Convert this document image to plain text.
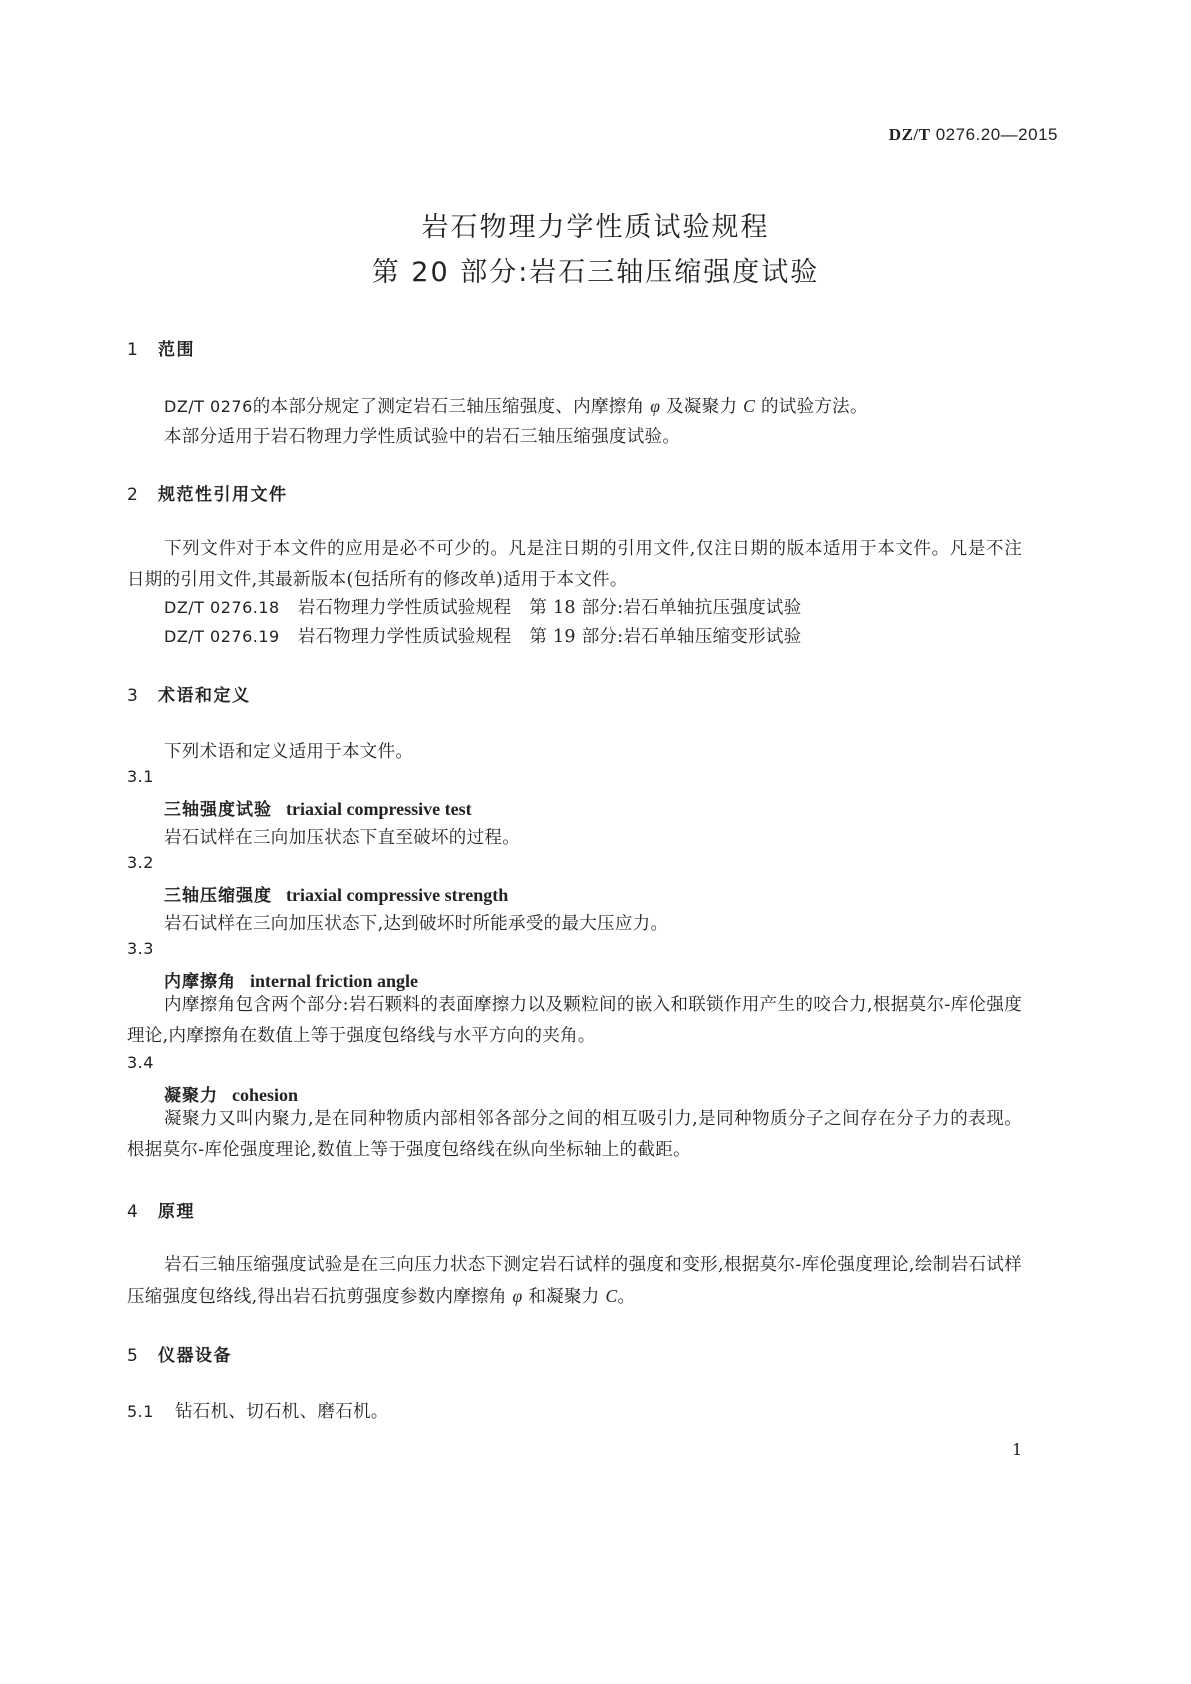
DZ/T 0276.20—2015
岩石物理力学性质试验规程
第 20 部分:岩石三轴压缩强度试验
1 范围
DZ/T 0276的本部分规定了测定岩石三轴压缩强度、内摩擦角 φ 及凝聚力 C 的试验方法。
本部分适用于岩石物理力学性质试验中的岩石三轴压缩强度试验。
2 规范性引用文件
下列文件对于本文件的应用是必不可少的。凡是注日期的引用文件,仅注日期的版本适用于本文件。凡是不注日期的引用文件,其最新版本(包括所有的修改单)适用于本文件。
DZ/T 0276.18 岩石物理力学性质试验规程 第 18 部分:岩石单轴抗压强度试验
DZ/T 0276.19 岩石物理力学性质试验规程 第 19 部分:岩石单轴压缩变形试验
3 术语和定义
下列术语和定义适用于本文件。
3.1
三轴强度试验 triaxial compressive test
岩石试样在三向加压状态下直至破坏的过程。
3.2
三轴压缩强度 triaxial compressive strength
岩石试样在三向加压状态下,达到破坏时所能承受的最大压应力。
3.3
内摩擦角 internal friction angle
内摩擦角包含两个部分:岩石颗料的表面摩擦力以及颗粒间的嵌入和联锁作用产生的咬合力,根据莫尔-库伦强度理论,内摩擦角在数值上等于强度包络线与水平方向的夹角。
3.4
凝聚力 cohesion
凝聚力又叫内聚力,是在同种物质内部相邻各部分之间的相互吸引力,是同种物质分子之间存在分子力的表现。根据莫尔-库伦强度理论,数值上等于强度包络线在纵向坐标轴上的截距。
4 原理
岩石三轴压缩强度试验是在三向压力状态下测定岩石试样的强度和变形,根据莫尔-库伦强度理论,绘制岩石试样压缩强度包络线,得出岩石抗剪强度参数内摩擦角 φ 和凝聚力 C。
5 仪器设备
5.1 钻石机、切石机、磨石机。
1
